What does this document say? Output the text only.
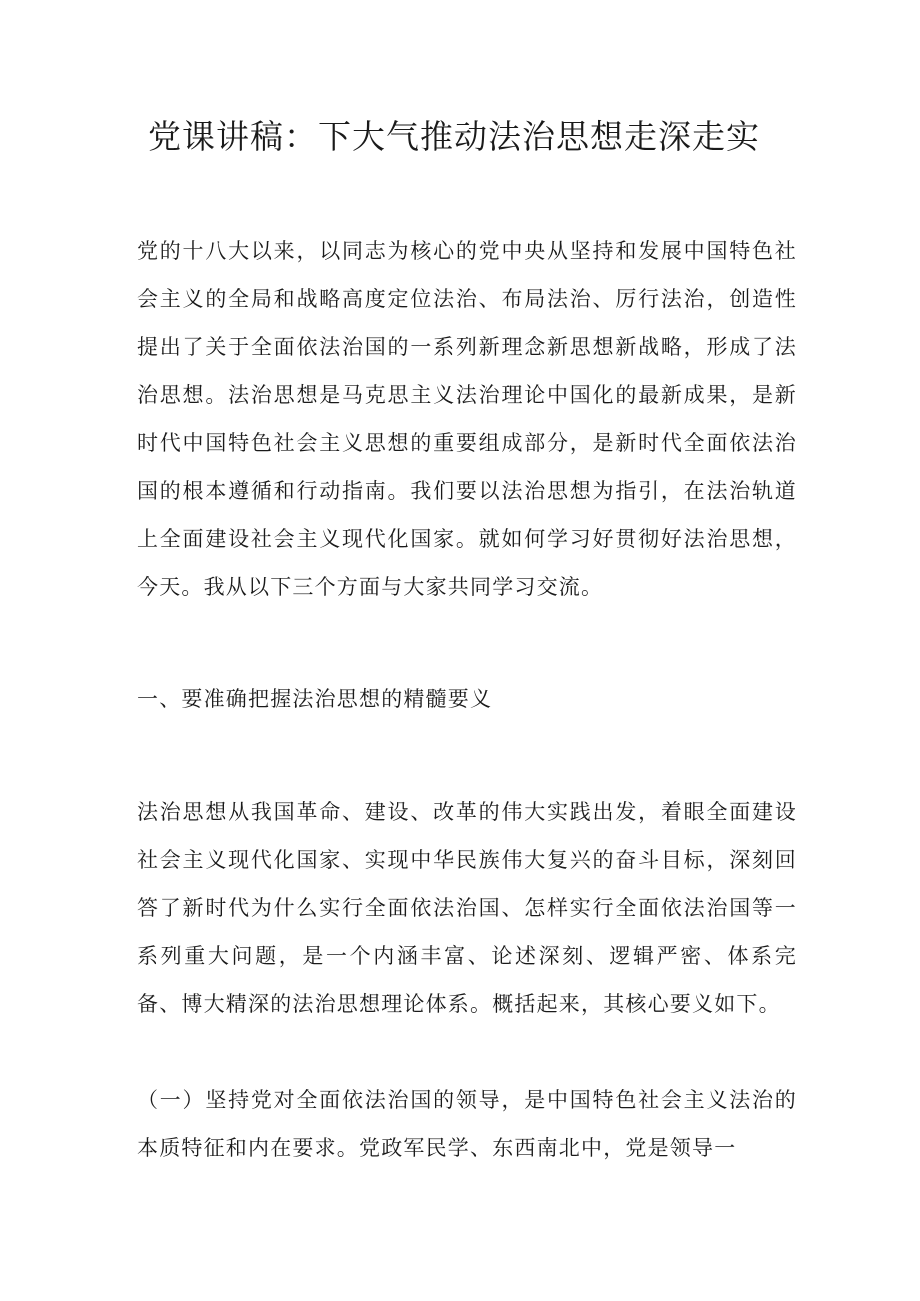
党课讲稿：下大气推动法治思想走深走实

党的十八大以来，以同志为核心的党中央从坚持和发展中国特色社会主义的全局和战略高度定位法治、布局法治、厉行法治，创造性提出了关于全面依法治国的一系列新理念新思想新战略，形成了法治思想。法治思想是马克思主义法治理论中国化的最新成果，是新时代中国特色社会主义思想的重要组成部分，是新时代全面依法治国的根本遵循和行动指南。我们要以法治思想为指引，在法治轨道上全面建设社会主义现代化国家。就如何学习好贯彻好法治思想，今天。我从以下三个方面与大家共同学习交流。

一、要准确把握法治思想的精髓要义

法治思想从我国革命、建设、改革的伟大实践出发，着眼全面建设社会主义现代化国家、实现中华民族伟大复兴的奋斗目标，深刻回答了新时代为什么实行全面依法治国、怎样实行全面依法治国等一系列重大问题，是一个内涵丰富、论述深刻、逻辑严密、体系完备、博大精深的法治思想理论体系。概括起来，其核心要义如下。

（一）坚持党对全面依法治国的领导，是中国特色社会主义法治的本质特征和内在要求。党政军民学、东西南北中，党是领导一
